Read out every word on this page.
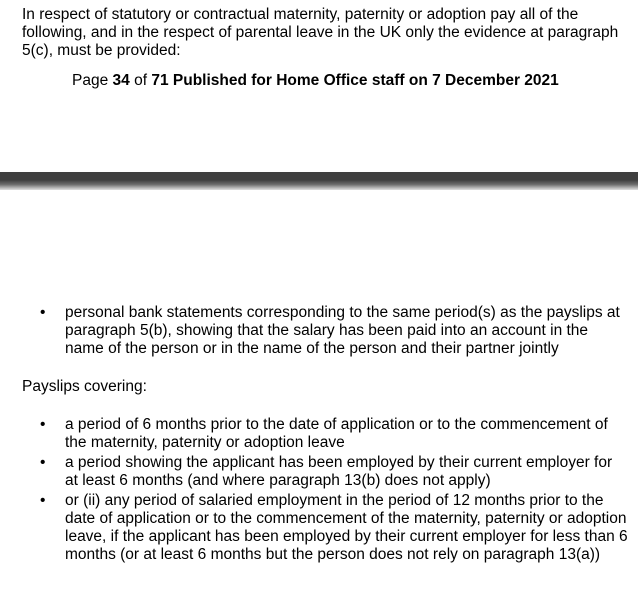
In respect of statutory or contractual maternity, paternity or adoption pay all of the following, and in the respect of parental leave in the UK only the evidence at paragraph 5(c), must be provided:
Page 34 of 71 Published for Home Office staff on 7 December 2021
•	personal bank statements corresponding to the same period(s) as the payslips at paragraph 5(b), showing that the salary has been paid into an account in the name of the person or in the name of the person and their partner jointly
Payslips covering:
•	a period of 6 months prior to the date of application or to the commencement of the maternity, paternity or adoption leave
•	a period showing the applicant has been employed by their current employer for at least 6 months (and where paragraph 13(b) does not apply)
•	or (ii) any period of salaried employment in the period of 12 months prior to the date of application or to the commencement of the maternity, paternity or adoption leave, if the applicant has been employed by their current employer for less than 6 months (or at least 6 months but the person does not rely on paragraph 13(a))
